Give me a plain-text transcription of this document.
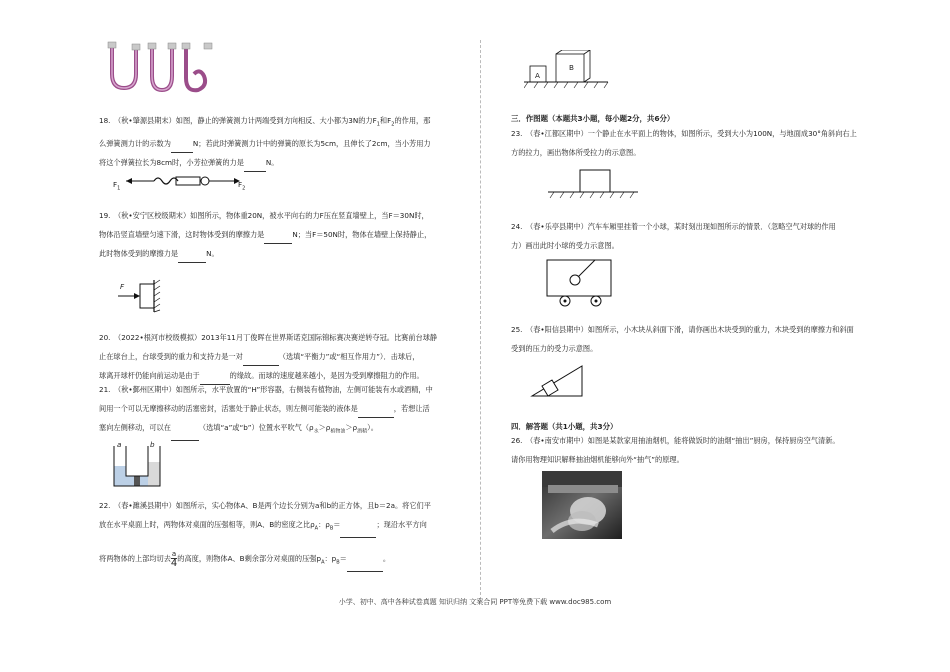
18.　（秋•肇源县期末）如图，静止的弹簧测力计两端受到方向相反、大小都为3N的力$F_1$和$F_2$的作用，那

么弹簧测力计的示数为	N；若此时弹簧测力计中的弹簧的原长为5cm，且伸长了2cm，当小芳用力

将这个弹簧拉长为8cm时，小芳拉弹簧的力是	N。

$F_1$	$F_2$

19.　（秋•安宁区校级期末）如图所示，物体重20N，被水平向右的力F压在竖直墙壁上，当F＝30N时，

物体沿竖直墙壁匀速下滑，这时物体受到的摩擦力是	N；当F＝50N时，物体在墙壁上保持静止，

此时物体受到的摩擦力是	N。

F

20.　（2022•根河市校级模拟）2013年11月丁俊晖在世界斯诺克国际锦标赛决赛逆转夺冠。比赛前台球静

止在球台上，台球受到的重力和支持力是一对	（选填“平衡力”或“相互作用力”）．击球后，

球离开球杆仍能向前运动是由于	的缘故。而球的速度越来越小，是因为受到摩擦阻力的作用。

21.　（秋•鄞州区期中）如图所示，水平放置的“H”形容器，右侧装有植物油，左侧可能装有水或酒精，中

间用一个可以无摩擦移动的活塞密封，活塞处于静止状态，则左侧可能装的液体是	，若想让活

塞向左侧移动，可以在	（选填“a”或“b”）位置水平吹气$(\rho_水>\rho_{植物油}>\rho_{酒精})$。

a	b

22.　（春•濉溪县期中）如图所示，实心物体A、B是两个边长分别为a和b的正方体，且b＝2a。将它们平

放在水平桌面上时，两物体对桌面的压强相等，则A、B的密度之比$\rho_A$：$\rho_B=$	；现沿水平方向

将两物体的上部均切去 $\frac{a}{4}$ 的高度，则物体A、B剩余部分对桌面的压强$p_A$：$p_B=$	。

A
B
三．作图题（本题共3小题，每小题2分，共6分）

23.　（春•江都区期中）一个静止在水平面上的物体，如图所示，受到大小为100N，与地面成30°角斜向右上

方的拉力，画出物体所受拉力的示意图。

24.　（春•乐亭县期中）汽车车厢里挂着一个小球，某时刻出现如图所示的情景．（忽略空气对球的作用

力）画出此时小球的受力示意图。

25.　（春•阳信县期中）如图所示，小木块从斜面下滑，请你画出木块受到的重力，木块受到的摩擦力和斜面

受到的压力的受力示意图。

四．解答题（共1小题，共3分）

26.　（春•南安市期中）如图是某款家用抽油烟机，能将做饭时的油烟“抽出”厨房，保持厨房空气清新。

请你用物理知识解释抽油烟机能够向外“抽气”的原理。

小学、初中、高中各种试卷真题 知识归纳 文案合同 PPT等免费下载 www.doc985.com
